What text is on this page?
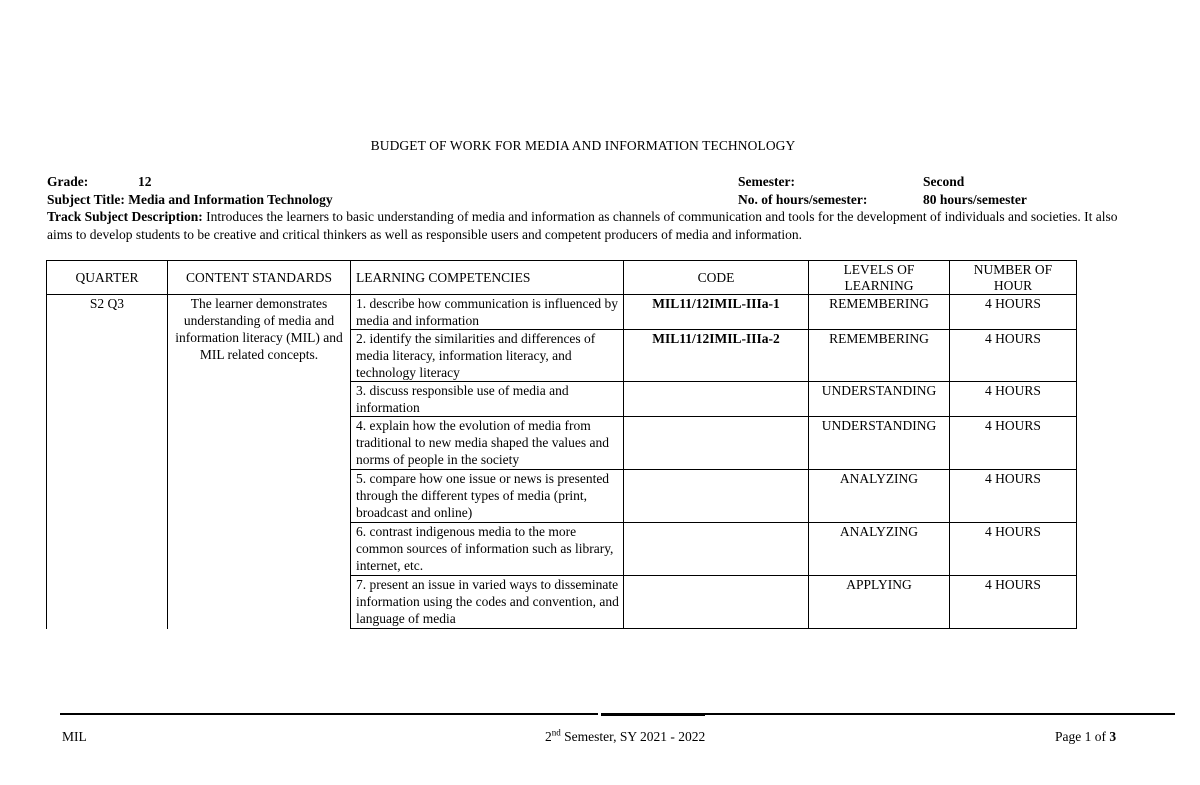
BUDGET OF WORK FOR MEDIA AND INFORMATION TECHNOLOGY
Grade:	12	Semester:	Second
Subject Title: Media and Information Technology	No. of hours/semester:	80 hours/semester
Track Subject Description: Introduces the learners to basic understanding of media and information as channels of communication and tools for the development of individuals and societies. It also aims to develop students to be creative and critical thinkers as well as responsible users and competent producers of media and information.
QUARTER	CONTENT STANDARDS	LEARNING COMPETENCIES	CODE	LEVELS OF LEARNING	NUMBER OF HOUR
S2 Q3	The learner demonstrates understanding of media and information literacy (MIL) and MIL related concepts.	1. describe how communication is influenced by media and information	MIL11/12IMIL-IIIa-1	REMEMBERING	4 HOURS
		2. identify the similarities and differences of media literacy, information literacy, and technology literacy	MIL11/12IMIL-IIIa-2	REMEMBERING	4 HOURS
		3. discuss responsible use of media and information		UNDERSTANDING	4 HOURS
		4. explain how the evolution of media from traditional to new media shaped the values and norms of people in the society		UNDERSTANDING	4 HOURS
		5. compare how one issue or news is presented through the different types of media (print, broadcast and online)		ANALYZING	4 HOURS
		6. contrast indigenous media to the more common sources of information such as library, internet, etc.		ANALYZING	4 HOURS
		7. present an issue in varied ways to disseminate information using the codes and convention, and language of media		APPLYING	4 HOURS
MIL	2nd Semester, SY 2021 - 2022	Page 1 of 3
